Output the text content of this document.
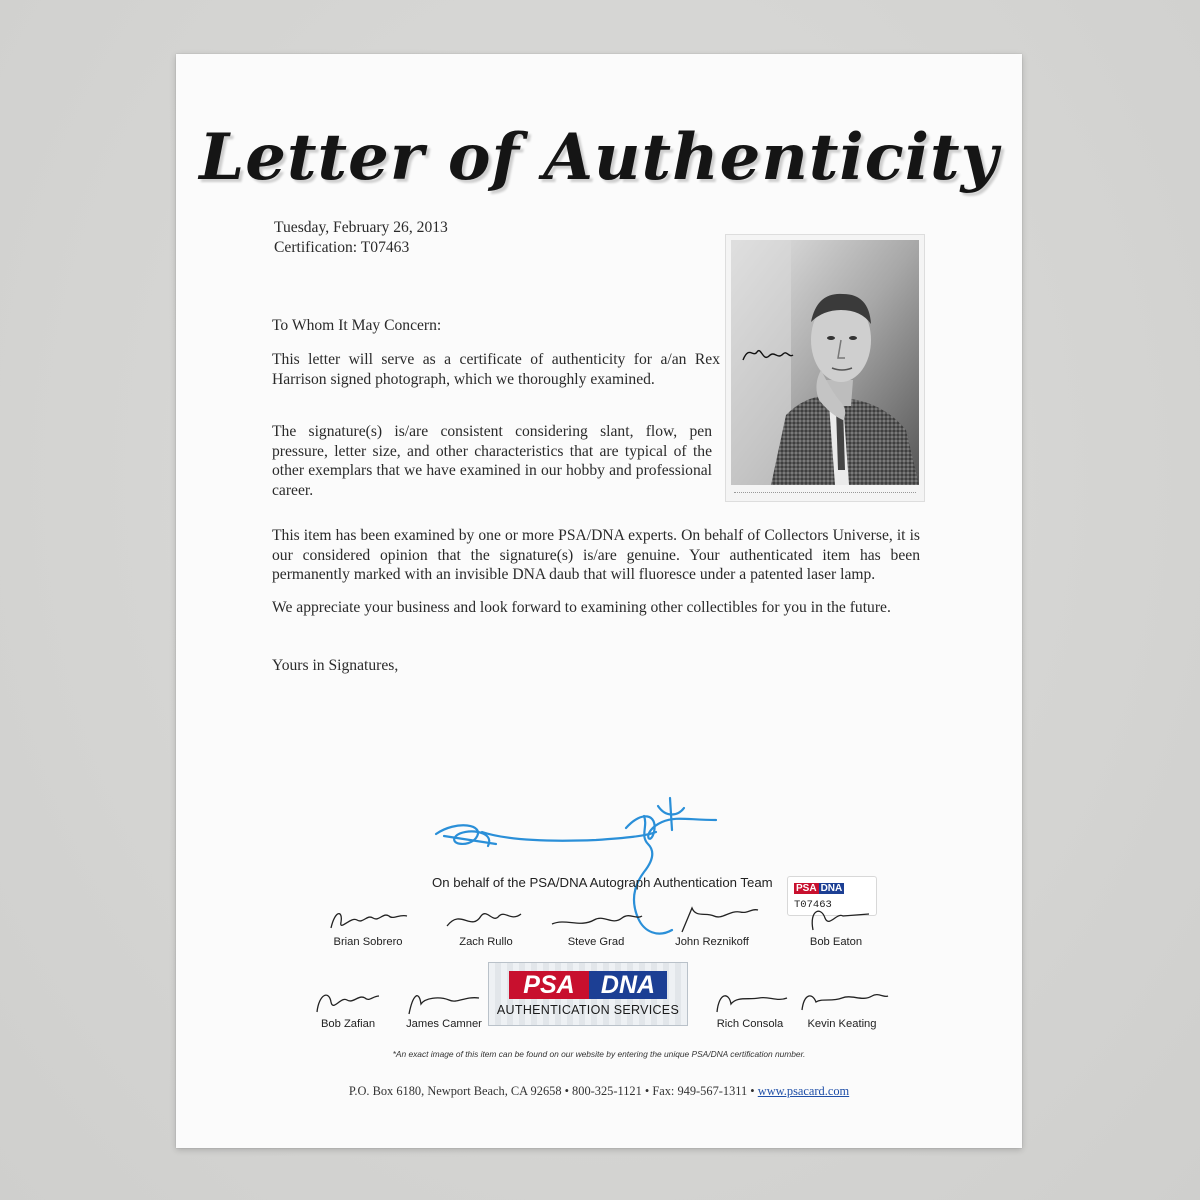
Letter of Authenticity
Tuesday, February 26, 2013
Certification: T07463
To Whom It May Concern:
This letter will serve as a certificate of authenticity for a/an Rex Harrison signed photograph, which we thoroughly examined.
The signature(s) is/are consistent considering slant, flow, pen pressure, letter size, and other characteristics that are typical of the other exemplars that we have examined in our hobby and professional career.
This item has been examined by one or more PSA/DNA experts. On behalf of Collectors Universe, it is our considered opinion that the signature(s) is/are genuine. Your authenticated item has been permanently marked with an invisible DNA daub that will fluoresce under a patented laser lamp.
We appreciate your business and look forward to examining other collectibles for you in the future.
Yours in Signatures,
On behalf of the PSA/DNA Autograph Authentication Team PSA DNA
T07463
Brian Sobrero	Zach Rullo	Steve Grad	John Reznikoff	Bob Eaton
Bob Zafian	James Camner	Rich Consola	Kevin Keating
PSA	DNA
AUTHENTICATION SERVICES
*An exact image of this item can be found on our website by entering the unique PSA/DNA certification number.
P.O. Box 6180, Newport Beach, CA 92658 • 800-325-1121 • Fax: 949-567-1311 • www.psacard.com
